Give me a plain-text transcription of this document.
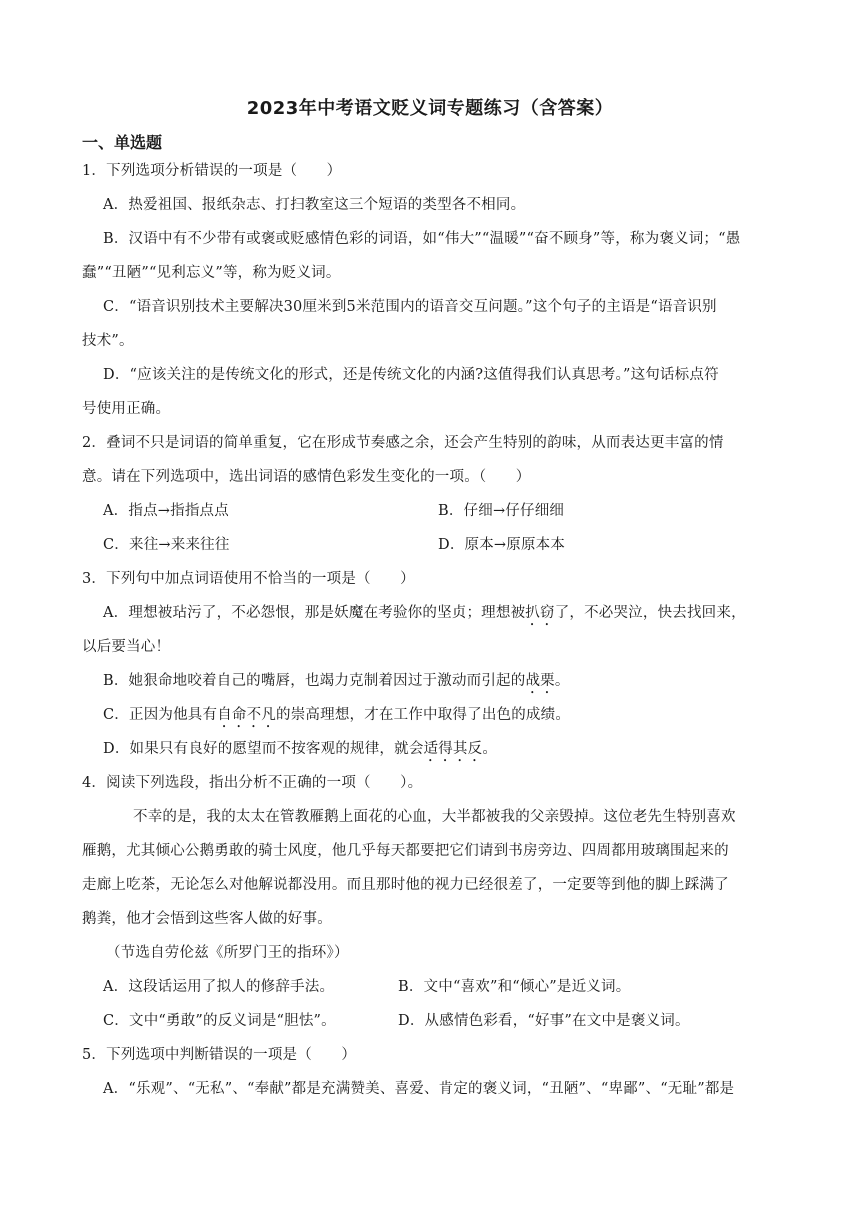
2023年中考语文贬义词专题练习（含答案）
一、单选题
1．下列选项分析错误的一项是（　　）
A．热爱祖国、报纸杂志、打扫教室这三个短语的类型各不相同。
B．汉语中有不少带有或褒或贬感情色彩的词语，如“伟大”“温暖”“奋不顾身”等，称为褒义词；“愚
蠢”“丑陋”“见利忘义”等，称为贬义词。
C．“语音识别技术主要解决30厘米到5米范围内的语音交互问题。”这个句子的主语是“语音识别
技术”。
D．“应该关注的是传统文化的形式，还是传统文化的内涵?这值得我们认真思考。”这句话标点符
号使用正确。
2．叠词不只是词语的简单重复，它在形成节奏感之余，还会产生特别的韵味，从而表达更丰富的情
意。请在下列选项中，选出词语的感情色彩发生变化的一项。（　　）
A．指点→指指点点	B．仔细→仔仔细细
C．来往→来来往往	D．原本→原原本本
3．下列句中加点词语使用不恰当的一项是（　　）
A．理想被玷污了，不必怨恨，那是妖魔在考验你的坚贞；理想被扒窃了，不必哭泣，快去找回来，
以后要当心！
B．她狠命地咬着自己的嘴唇，也竭力克制着因过于激动而引起的战栗。
C．正因为他具有自命不凡的崇高理想，才在工作中取得了出色的成绩。
D．如果只有良好的愿望而不按客观的规律，就会适得其反。
4．阅读下列选段，指出分析不正确的一项（　　）。
不幸的是，我的太太在管教雁鹅上面花的心血，大半都被我的父亲毁掉。这位老先生特别喜欢
雁鹅，尤其倾心公鹅勇敢的骑士风度，他几乎每天都要把它们请到书房旁边、四周都用玻璃围起来的
走廊上吃茶，无论怎么对他解说都没用。而且那时他的视力已经很差了，一定要等到他的脚上踩满了
鹅粪，他才会悟到这些客人做的好事。
（节选自劳伦兹《所罗门王的指环》）
A．这段话运用了拟人的修辞手法。	B．文中“喜欢”和“倾心”是近义词。
C．文中“勇敢”的反义词是“胆怯”。	D．从感情色彩看，“好事”在文中是褒义词。
5．下列选项中判断错误的一项是（　　）
A．“乐观”、“无私”、“奉献”都是充满赞美、喜爱、肯定的褒义词，“丑陋”、“卑鄙”、“无耻”都是
